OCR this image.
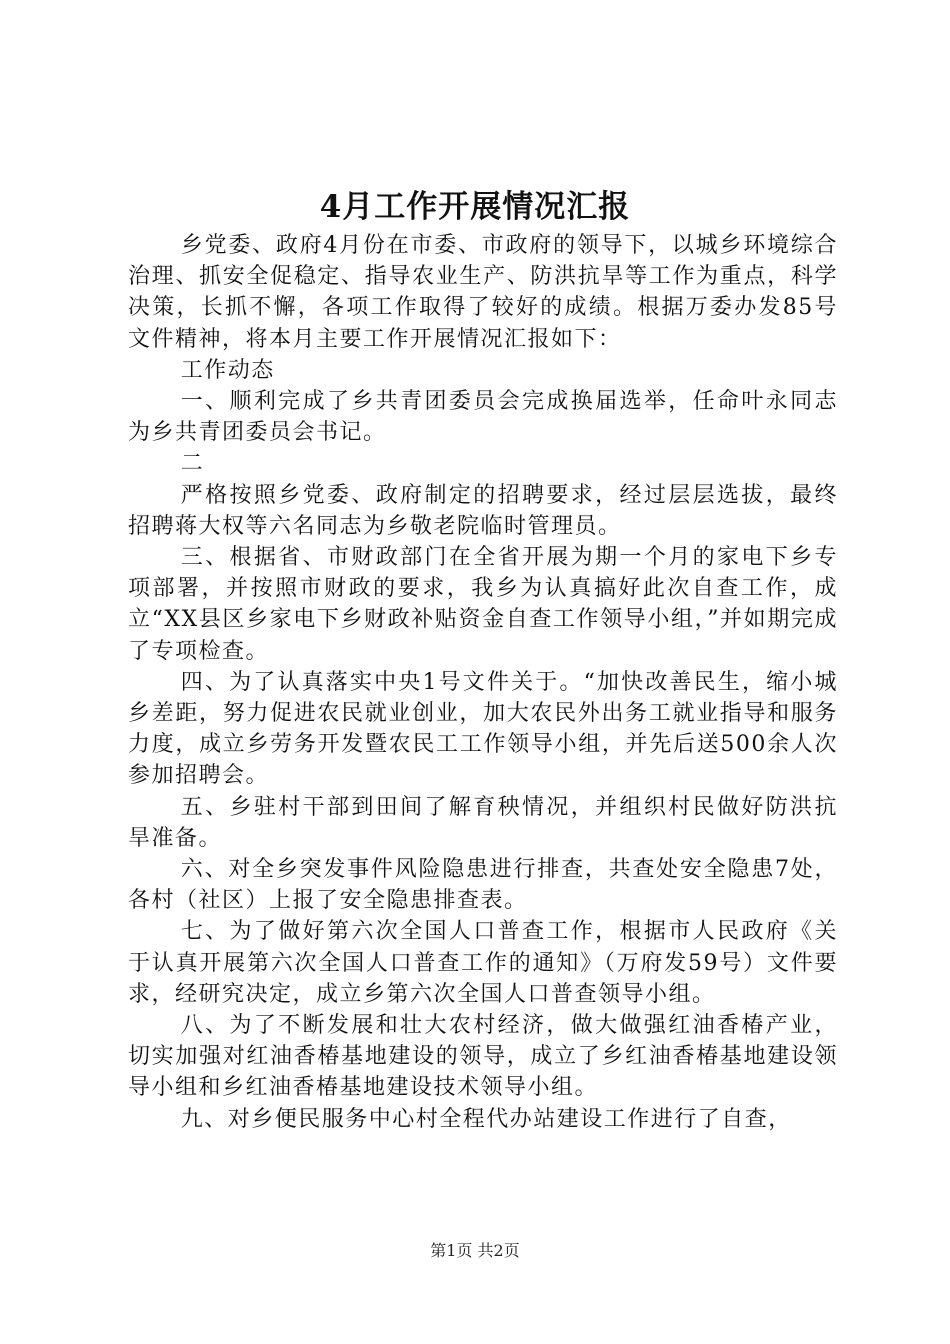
4月工作开展情况汇报

乡党委、政府4月份在市委、市政府的领导下，以城乡环境综合治理、抓安全促稳定、指导农业生产、防洪抗旱等工作为重点，科学决策，长抓不懈，各项工作取得了较好的成绩。根据万委办发85号文件精神，将本月主要工作开展情况汇报如下：

工作动态

一、顺利完成了乡共青团委员会完成换届选举，任命叶永同志为乡共青团委员会书记。

二

严格按照乡党委、政府制定的招聘要求，经过层层选拔，最终招聘蒋大权等六名同志为乡敬老院临时管理员。

三、根据省、市财政部门在全省开展为期一个月的家电下乡专项部署，并按照市财政的要求，我乡为认真搞好此次自查工作，成立“XX县区乡家电下乡财政补贴资金自查工作领导小组，”并如期完成了专项检查。

四、为了认真落实中央1号文件关于。“加快改善民生，缩小城乡差距，努力促进农民就业创业，加大农民外出务工就业指导和服务力度，成立乡劳务开发暨农民工工作领导小组，并先后送500余人次参加招聘会。

五、乡驻村干部到田间了解育秧情况，并组织村民做好防洪抗旱准备。

六、对全乡突发事件风险隐患进行排查，共查处安全隐患7处，各村（社区）上报了安全隐患排查表。

七、为了做好第六次全国人口普查工作，根据市人民政府《关于认真开展第六次全国人口普查工作的通知》（万府发59号）文件要求，经研究决定，成立乡第六次全国人口普查领导小组。

八、为了不断发展和壮大农村经济，做大做强红油香椿产业，切实加强对红油香椿基地建设的领导，成立了乡红油香椿基地建设领导小组和乡红油香椿基地建设技术领导小组。

九、对乡便民服务中心村全程代办站建设工作进行了自查，

第1页 共2页
